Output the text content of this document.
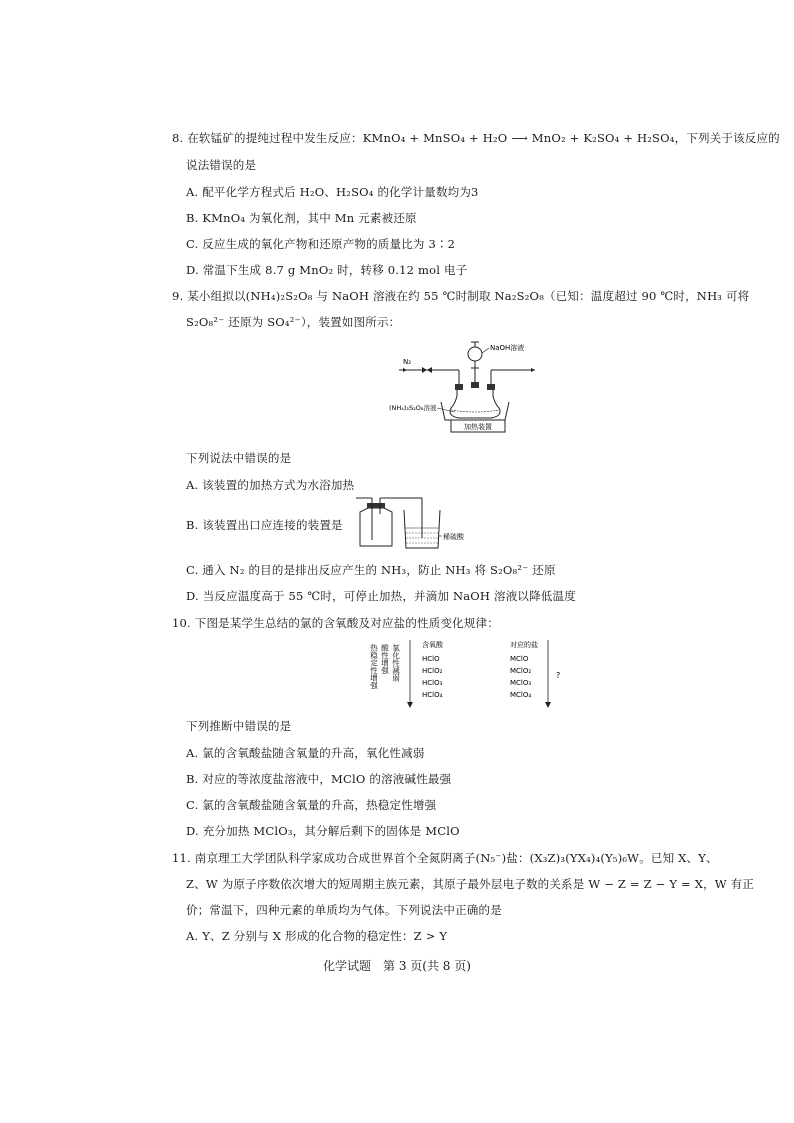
8. 在软锰矿的提纯过程中发生反应：KMnO₄ + MnSO₄ + H₂O ⟶ MnO₂ + K₂SO₄ + H₂SO₄，下列关于该反应的
说法错误的是
A. 配平化学方程式后 H₂O、H₂SO₄ 的化学计量数均为3
B. KMnO₄ 为氧化剂，其中 Mn 元素被还原
C. 反应生成的氧化产物和还原产物的质量比为 3∶2
D. 常温下生成 8.7 g MnO₂ 时，转移 0.12 mol 电子
9. 某小组拟以(NH₄)₂S₂O₈ 与 NaOH 溶液在约 55 ℃时制取 Na₂S₂O₈（已知：温度超过 90 ℃时，NH₃ 可将
S₂O₈²⁻ 还原为 SO₄²⁻），装置如图所示：
N₂
NaOH溶液
(NH₄)₂S₂O₈溶液
加热装置
下列说法中错误的是
A. 该装置的加热方式为水浴加热
B. 该装置出口应连接的装置是
稀硫酸
C. 通入 N₂ 的目的是排出反应产生的 NH₃，防止 NH₃ 将 S₂O₈²⁻ 还原
D. 当反应温度高于 55 ℃时，可停止加热，并滴加 NaOH 溶液以降低温度
10. 下图是某学生总结的氯的含氧酸及对应盐的性质变化规律：
热稳定性增强 酸性增强 氧化性减弱	含氧酸
HClO
HClO₂
HClO₃
HClO₄
对应的盐
MClO
MClO₂
MClO₃
MClO₄
?
下列推断中错误的是
A. 氯的含氧酸盐随含氧量的升高，氧化性减弱
B. 对应的等浓度盐溶液中，MClO 的溶液碱性最强
C. 氯的含氧酸盐随含氧量的升高，热稳定性增强
D. 充分加热 MClO₃，其分解后剩下的固体是 MClO
11. 南京理工大学团队科学家成功合成世界首个全氮阴离子(N₅⁻)盐：(X₃Z)₃(YX₄)₄(Y₅)₆W。已知 X、Y、
Z、W 为原子序数依次增大的短周期主族元素，其原子最外层电子数的关系是 W − Z = Z − Y = X，W 有正
价；常温下，四种元素的单质均为气体。下列说法中正确的是
A. Y、Z 分别与 X 形成的化合物的稳定性：Z > Y
化学试题　第 3 页(共 8 页)
